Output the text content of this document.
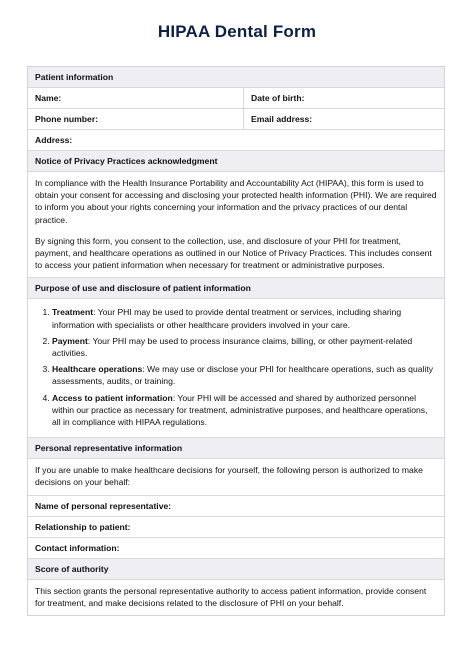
HIPAA Dental Form
Patient information
Name:	Date of birth:
Phone number:	Email address:
Address:
Notice of Privacy Practices acknowledgment

In compliance with the Health Insurance Portability and Accountability Act (HIPAA), this form is used to obtain your consent for accessing and disclosing your protected health information (PHI). We are required to inform you about your rights concerning your information and the privacy practices of our dental practice.

By signing this form, you consent to the collection, use, and disclosure of your PHI for treatment, payment, and healthcare operations as outlined in our Notice of Privacy Practices. This includes consent to access your patient information when necessary for treatment or administrative purposes.

Purpose of use and disclosure of patient information
1. Treatment: Your PHI may be used to provide dental treatment or services, including sharing information with specialists or other healthcare providers involved in your care.
2. Payment: Your PHI may be used to process insurance claims, billing, or other payment-related activities.
3. Healthcare operations: We may use or disclose your PHI for healthcare operations, such as quality assessments, audits, or training.
4. Access to patient information: Your PHI will be accessed and shared by authorized personnel within our practice as necessary for treatment, administrative purposes, and healthcare operations, all in compliance with HIPAA regulations.
Personal representative information
If you are unable to make healthcare decisions for yourself, the following person is authorized to make decisions on your behalf:
Name of personal representative:
Relationship to patient:
Contact information:
Score of authority
This section grants the personal representative authority to access patient information, provide consent for treatment, and make decisions related to the disclosure of PHI on your behalf.
